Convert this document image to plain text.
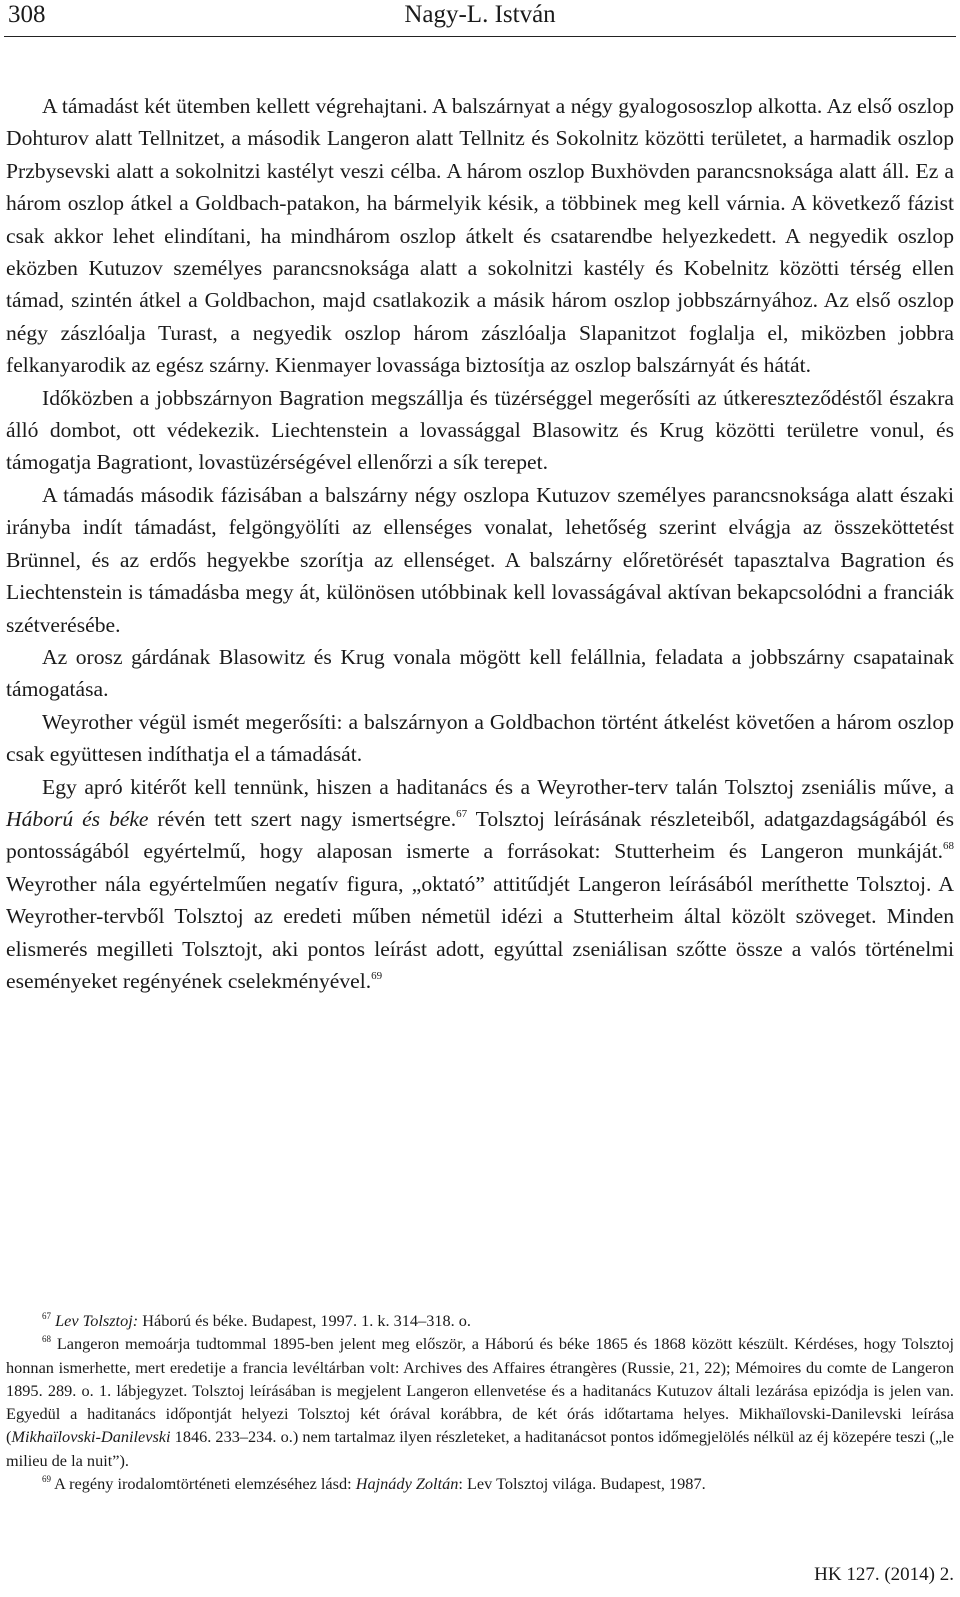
308	Nagy-L. István

A támadást két ütemben kellett végrehajtani. A balszárnyat a négy gyalogososzlop alkotta. Az első oszlop Dohturov alatt Tellnitzet, a második Langeron alatt Tellnitz és Sokolnitz közötti területet, a harmadik oszlop Przbysevski alatt a sokolnitzi kastélyt veszi célba. A három oszlop Buxhövden parancsnoksága alatt áll. Ez a három oszlop átkel a Goldbach-patakon, ha bármelyik késik, a többinek meg kell várnia. A következő fázist csak akkor lehet elindítani, ha mindhárom oszlop átkelt és csatarendbe helyezkedett. A negyedik oszlop eközben Kutuzov személyes parancsnoksága alatt a sokolnitzi kastély és Kobelnitz közötti térség ellen támad, szintén átkel a Goldbachon, majd csatlakozik a másik három oszlop jobbszárnyához. Az első oszlop négy zászlóalja Turast, a negyedik oszlop három zászlóalja Slapanitzot foglalja el, miközben jobbra felkanyarodik az egész szárny. Kienmayer lovassága biztosítja az oszlop balszárnyát és hátát.

Időközben a jobbszárnyon Bagration megszállja és tüzérséggel megerősíti az útkereszteződéstől északra álló dombot, ott védekezik. Liechtenstein a lovassággal Blasowitz és Krug közötti területre vonul, és támogatja Bagrationt, lovastüzérségével ellenőrzi a sík terepet.

A támadás második fázisában a balszárny négy oszlopa Kutuzov személyes parancsnoksága alatt északi irányba indít támadást, felgöngyölíti az ellenséges vonalat, lehetőség szerint elvágja az összeköttetést Brünnel, és az erdős hegyekbe szorítja az ellenséget. A balszárny előretörését tapasztalva Bagration és Liechtenstein is támadásba megy át, különösen utóbbinak kell lovasságával aktívan bekapcsolódni a franciák szétverésébe.

Az orosz gárdának Blasowitz és Krug vonala mögött kell felállnia, feladata a jobbszárny csapatainak támogatása.

Weyrother végül ismét megerősíti: a balszárnyon a Goldbachon történt átkelést követően a három oszlop csak együttesen indíthatja el a támadását.

Egy apró kitérőt kell tennünk, hiszen a haditanács és a Weyrother-terv talán Tolsztoj zseniális műve, a Háború és béke révén tett szert nagy ismertségre.$^{67}$ Tolsztoj leírásának részleteiből, adatgazdagságából és pontosságából egyértelmű, hogy alaposan ismerte a forrásokat: Stutterheim és Langeron munkáját.$^{68}$ Weyrother nála egyértelműen negatív figura, „oktató” attitűdjét Langeron leírásából meríthette Tolsztoj. A Weyrother-tervből Tolsztoj az eredeti műben németül idézi a Stutterheim által közölt szöveget. Minden elismerés megilleti Tolsztojt, aki pontos leírást adott, egyúttal zseniálisan szőtte össze a valós történelmi eseményeket regényének cselekményével.$^{69}$

$^{67}$ Lev Tolsztoj: Háború és béke. Budapest, 1997. 1. k. 314–318. o.

$^{68}$ Langeron memoárja tudtommal 1895-ben jelent meg először, a Háború és béke 1865 és 1868 között készült. Kérdéses, hogy Tolsztoj honnan ismerhette, mert eredetije a francia levéltárban volt: Archives des Affaires étrangères (Russie, 21, 22); Mémoires du comte de Langeron 1895. 289. o. 1. lábjegyzet. Tolsztoj leírásában is megjelent Langeron ellenvetése és a haditanács Kutuzov általi lezárása epizódja is jelen van. Egyedül a haditanács időpontját helyezi Tolsztoj két órával korábbra, de két órás időtartama helyes. Mikhaïlovski-Danilevski leírása (Mikhaïlovski-Danilevski 1846. 233–234. o.) nem tartalmaz ilyen részleteket, a haditanácsot pontos időmegjelölés nélkül az éj közepére teszi („le milieu de la nuit”).

$^{69}$ A regény irodalomtörténeti elemzéséhez lásd: Hajnády Zoltán: Lev Tolsztoj világa. Budapest, 1987.

HK 127. (2014) 2.
